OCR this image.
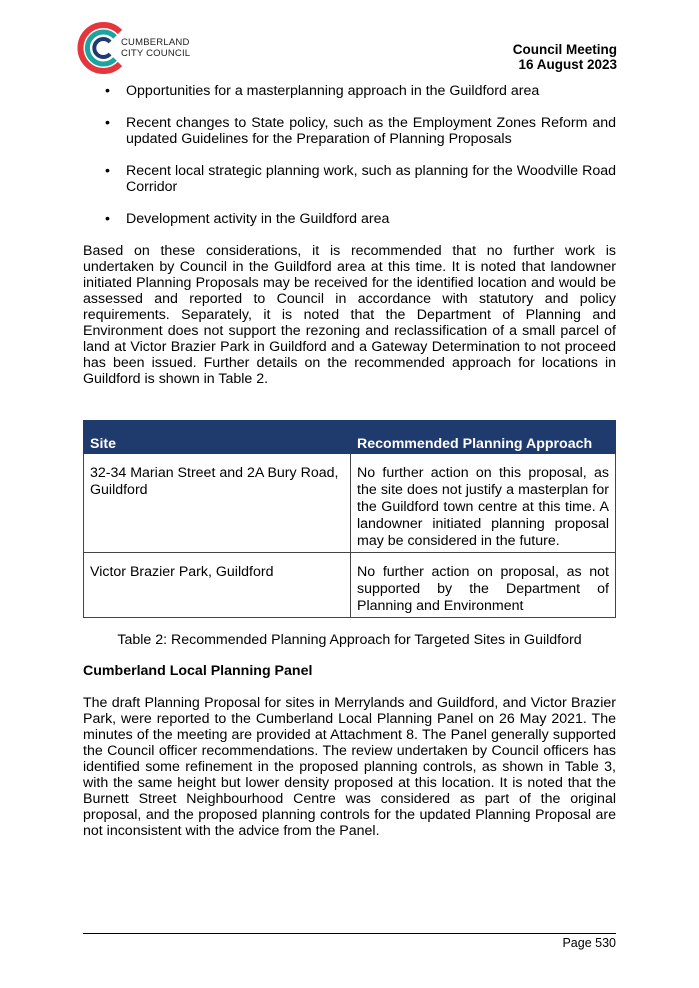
CUMBERLAND
CITY COUNCIL	Council Meeting
16 August 2023
• Opportunities for a masterplanning approach in the Guildford area
• Recent changes to State policy, such as the Employment Zones Reform and updated Guidelines for the Preparation of Planning Proposals
• Recent local strategic planning work, such as planning for the Woodville Road Corridor
• Development activity in the Guildford area

Based on these considerations, it is recommended that no further work is undertaken by Council in the Guildford area at this time. It is noted that landowner initiated Planning Proposals may be received for the identified location and would be assessed and reported to Council in accordance with statutory and policy requirements. Separately, it is noted that the Department of Planning and Environment does not support the rezoning and reclassification of a small parcel of land at Victor Brazier Park in Guildford and a Gateway Determination to not proceed has been issued. Further details on the recommended approach for locations in Guildford is shown in Table 2.

Site	Recommended Planning Approach
32-34 Marian Street and 2A Bury Road, Guildford	No further action on this proposal, as the site does not justify a masterplan for the Guildford town centre at this time. A landowner initiated planning proposal may be considered in the future.
Victor Brazier Park, Guildford	No further action on proposal, as not supported by the Department of Planning and Environment

Table 2: Recommended Planning Approach for Targeted Sites in Guildford

Cumberland Local Planning Panel

The draft Planning Proposal for sites in Merrylands and Guildford, and Victor Brazier Park, were reported to the Cumberland Local Planning Panel on 26 May 2021. The minutes of the meeting are provided at Attachment 8. The Panel generally supported the Council officer recommendations. The review undertaken by Council officers has identified some refinement in the proposed planning controls, as shown in Table 3, with the same height but lower density proposed at this location. It is noted that the Burnett Street Neighbourhood Centre was considered as part of the original proposal, and the proposed planning controls for the updated Planning Proposal are not inconsistent with the advice from the Panel.

Page 530
